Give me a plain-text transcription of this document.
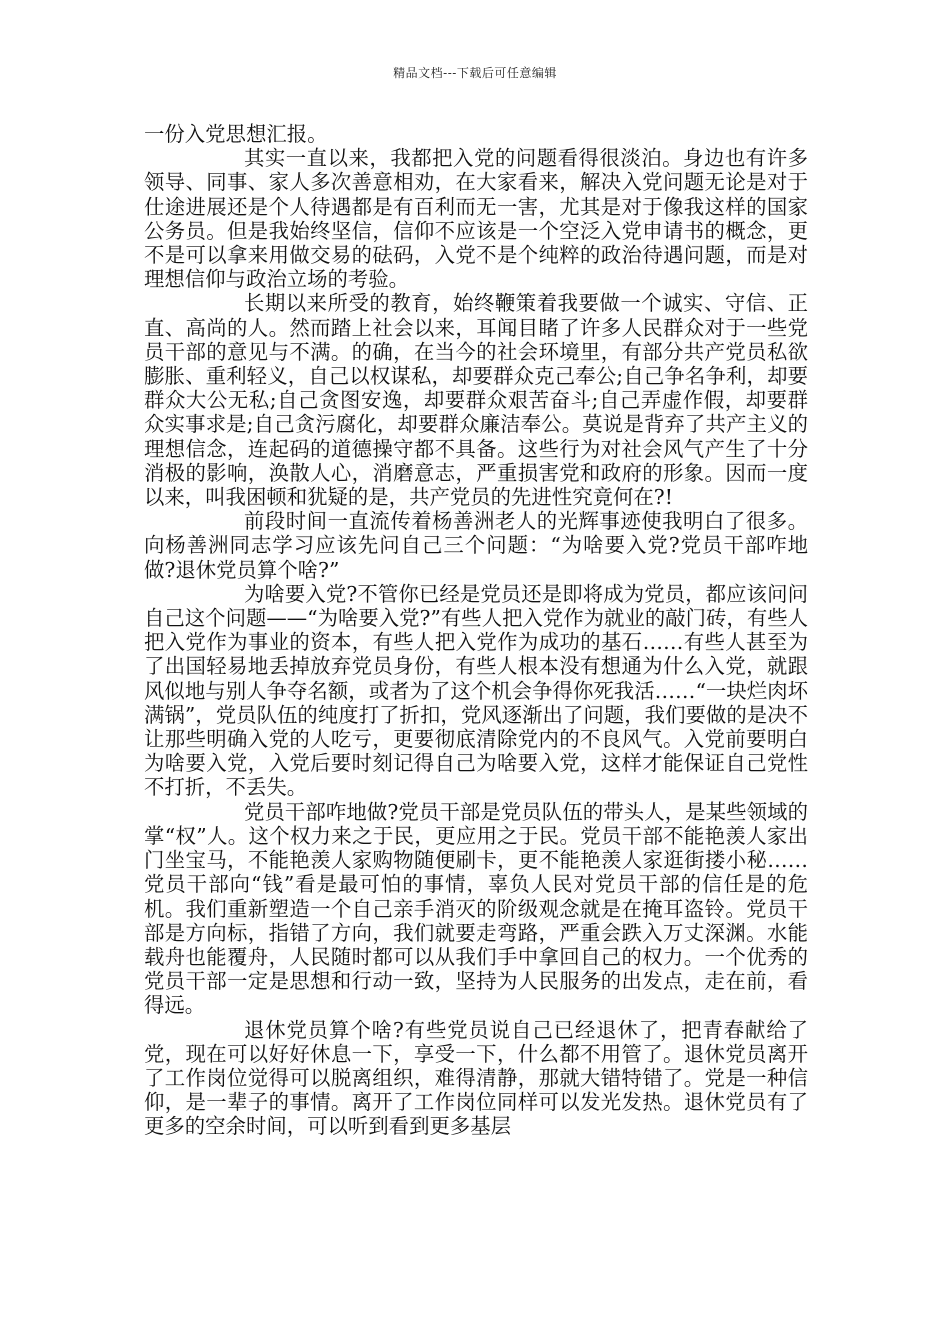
精品文档---下载后可任意编辑

一份入党思想汇报。

其实一直以来，我都把入党的问题看得很淡泊。身边也有许多领导、同事、家人多次善意相劝，在大家看来，解决入党问题无论是对于仕途进展还是个人待遇都是有百利而无一害，尤其是对于像我这样的国家公务员。但是我始终坚信，信仰不应该是一个空泛入党申请书的概念，更不是可以拿来用做交易的砝码，入党不是个纯粹的政治待遇问题，而是对理想信仰与政治立场的考验。

长期以来所受的教育，始终鞭策着我要做一个诚实、守信、正直、高尚的人。然而踏上社会以来，耳闻目睹了许多人民群众对于一些党员干部的意见与不满。的确，在当今的社会环境里，有部分共产党员私欲膨胀、重利轻义，自己以权谋私，却要群众克己奉公;自己争名争利，却要群众大公无私;自己贪图安逸，却要群众艰苦奋斗;自己弄虚作假，却要群众实事求是;自己贪污腐化，却要群众廉洁奉公。莫说是背弃了共产主义的理想信念，连起码的道德操守都不具备。这些行为对社会风气产生了十分消极的影响，涣散人心，消磨意志，严重损害党和政府的形象。因而一度以来，叫我困顿和犹疑的是，共产党员的先进性究竟何在?!

前段时间一直流传着杨善洲老人的光辉事迹使我明白了很多。向杨善洲同志学习应该先问自己三个问题：“为啥要入党?党员干部咋地做?退休党员算个啥?”

为啥要入党?不管你已经是党员还是即将成为党员，都应该问问自己这个问题——“为啥要入党?”有些人把入党作为就业的敲门砖，有些人把入党作为事业的资本，有些人把入党作为成功的基石……有些人甚至为了出国轻易地丢掉放弃党员身份，有些人根本没有想通为什么入党，就跟风似地与别人争夺名额，或者为了这个机会争得你死我活……“一块烂肉坏满锅”，党员队伍的纯度打了折扣，党风逐渐出了问题，我们要做的是决不让那些明确入党的人吃亏，更要彻底清除党内的不良风气。入党前要明白为啥要入党，入党后要时刻记得自己为啥要入党，这样才能保证自己党性不打折，不丢失。

党员干部咋地做?党员干部是党员队伍的带头人，是某些领域的掌“权”人。这个权力来之于民，更应用之于民。党员干部不能艳羡人家出门坐宝马，不能艳羡人家购物随便刷卡，更不能艳羡人家逛街搂小秘……党员干部向“钱”看是最可怕的事情，辜负人民对党员干部的信任是的危机。我们重新塑造一个自己亲手消灭的阶级观念就是在掩耳盗铃。党员干部是方向标，指错了方向，我们就要走弯路，严重会跌入万丈深渊。水能载舟也能覆舟，人民随时都可以从我们手中拿回自己的权力。一个优秀的党员干部一定是思想和行动一致，坚持为人民服务的出发点，走在前，看得远。

退休党员算个啥?有些党员说自己已经退休了，把青春献给了党，现在可以好好休息一下，享受一下，什么都不用管了。退休党员离开了工作岗位觉得可以脱离组织，难得清静，那就大错特错了。党是一种信仰，是一辈子的事情。离开了工作岗位同样可以发光发热。退休党员有了更多的空余时间，可以听到看到更多基层
